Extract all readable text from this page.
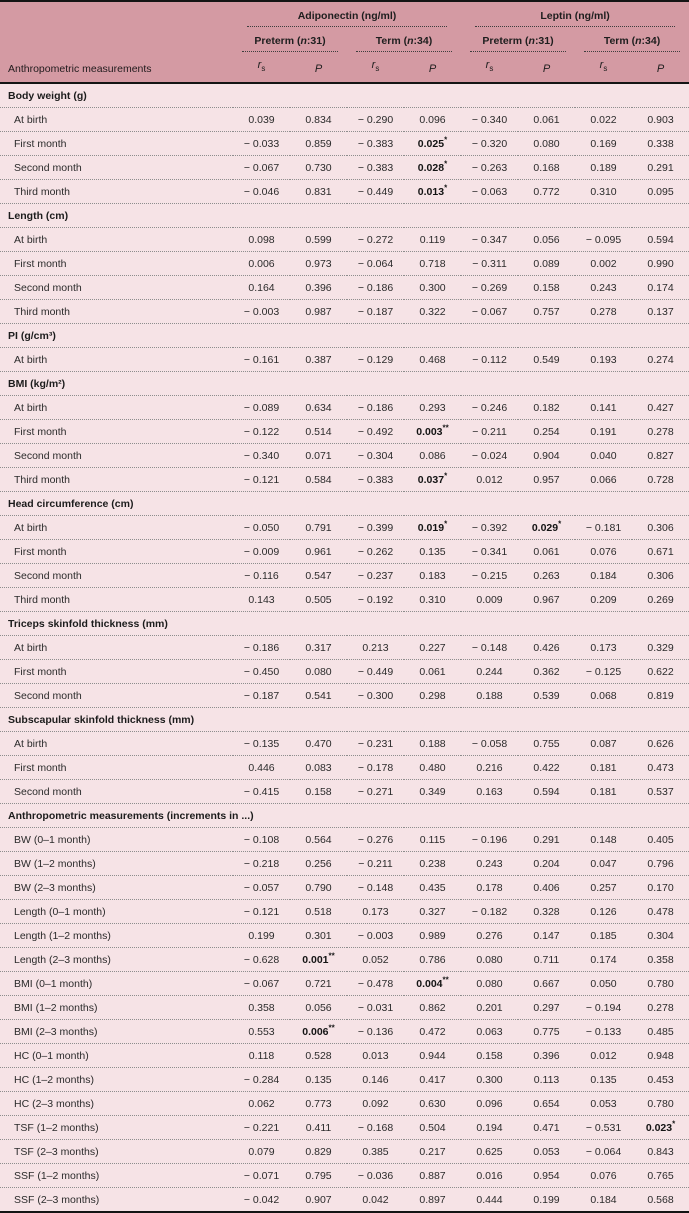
Anthropometric measurements	Adiponectin (ng/ml)				Leptin (ng/ml)			

	Preterm (n:31)		Term (n:34)		Preterm (n:31)		Term (n:34)	

	$r_s$	P	$r_s$	P	$r_s$	P	$r_s$	P
Body weight (g)								
At birth	0.039	0.834	− 0.290	0.096	− 0.340	0.061	0.022	0.903
First month	− 0.033	0.859	− 0.383	0.025*	− 0.320	0.080	0.169	0.338
Second month	− 0.067	0.730	− 0.383	0.028*	− 0.263	0.168	0.189	0.291
Third month	− 0.046	0.831	− 0.449	0.013*	− 0.063	0.772	0.310	0.095
Length (cm)								
At birth	0.098	0.599	− 0.272	0.119	− 0.347	0.056	− 0.095	0.594
First month	0.006	0.973	− 0.064	0.718	− 0.311	0.089	0.002	0.990
Second month	0.164	0.396	− 0.186	0.300	− 0.269	0.158	0.243	0.174
Third month	− 0.003	0.987	− 0.187	0.322	− 0.067	0.757	0.278	0.137
PI (g/cm³)								
At birth	− 0.161	0.387	− 0.129	0.468	− 0.112	0.549	0.193	0.274
BMI (kg/m²)								
At birth	− 0.089	0.634	− 0.186	0.293	− 0.246	0.182	0.141	0.427
First month	− 0.122	0.514	− 0.492	0.003**	− 0.211	0.254	0.191	0.278
Second month	− 0.340	0.071	− 0.304	0.086	− 0.024	0.904	0.040	0.827
Third month	− 0.121	0.584	− 0.383	0.037*	0.012	0.957	0.066	0.728
Head circumference (cm)								
At birth	− 0.050	0.791	− 0.399	0.019*	− 0.392	0.029*	− 0.181	0.306
First month	− 0.009	0.961	− 0.262	0.135	− 0.341	0.061	0.076	0.671
Second month	− 0.116	0.547	− 0.237	0.183	− 0.215	0.263	0.184	0.306
Third month	0.143	0.505	− 0.192	0.310	0.009	0.967	0.209	0.269
Triceps skinfold thickness (mm)								
At birth	− 0.186	0.317	0.213	0.227	− 0.148	0.426	0.173	0.329
First month	− 0.450	0.080	− 0.449	0.061	0.244	0.362	− 0.125	0.622
Second month	− 0.187	0.541	− 0.300	0.298	0.188	0.539	0.068	0.819
Subscapular skinfold thickness (mm)								
At birth	− 0.135	0.470	− 0.231	0.188	− 0.058	0.755	0.087	0.626
First month	0.446	0.083	− 0.178	0.480	0.216	0.422	0.181	0.473
Second month	− 0.415	0.158	− 0.271	0.349	0.163	0.594	0.181	0.537
Anthropometric measurements (increments in ...)								
BW (0–1 month)	− 0.108	0.564	− 0.276	0.115	− 0.196	0.291	0.148	0.405
BW (1–2 months)	− 0.218	0.256	− 0.211	0.238	0.243	0.204	0.047	0.796
BW (2–3 months)	− 0.057	0.790	− 0.148	0.435	0.178	0.406	0.257	0.170
Length (0–1 month)	− 0.121	0.518	0.173	0.327	− 0.182	0.328	0.126	0.478
Length (1–2 months)	0.199	0.301	− 0.003	0.989	0.276	0.147	0.185	0.304
Length (2–3 months)	− 0.628	0.001**	0.052	0.786	0.080	0.711	0.174	0.358
BMI (0–1 month)	− 0.067	0.721	− 0.478	0.004**	0.080	0.667	0.050	0.780
BMI (1–2 months)	0.358	0.056	− 0.031	0.862	0.201	0.297	− 0.194	0.278
BMI (2–3 months)	0.553	0.006**	− 0.136	0.472	0.063	0.775	− 0.133	0.485
HC (0–1 month)	0.118	0.528	0.013	0.944	0.158	0.396	0.012	0.948
HC (1–2 months)	− 0.284	0.135	0.146	0.417	0.300	0.113	0.135	0.453
HC (2–3 months)	0.062	0.773	0.092	0.630	0.096	0.654	0.053	0.780
TSF (1–2 months)	− 0.221	0.411	− 0.168	0.504	0.194	0.471	− 0.531	0.023*
TSF (2–3 months)	0.079	0.829	0.385	0.217	0.625	0.053	− 0.064	0.843
SSF (1–2 months)	− 0.071	0.795	− 0.036	0.887	0.016	0.954	0.076	0.765
SSF (2–3 months)	− 0.042	0.907	0.042	0.897	0.444	0.199	0.184	0.568
